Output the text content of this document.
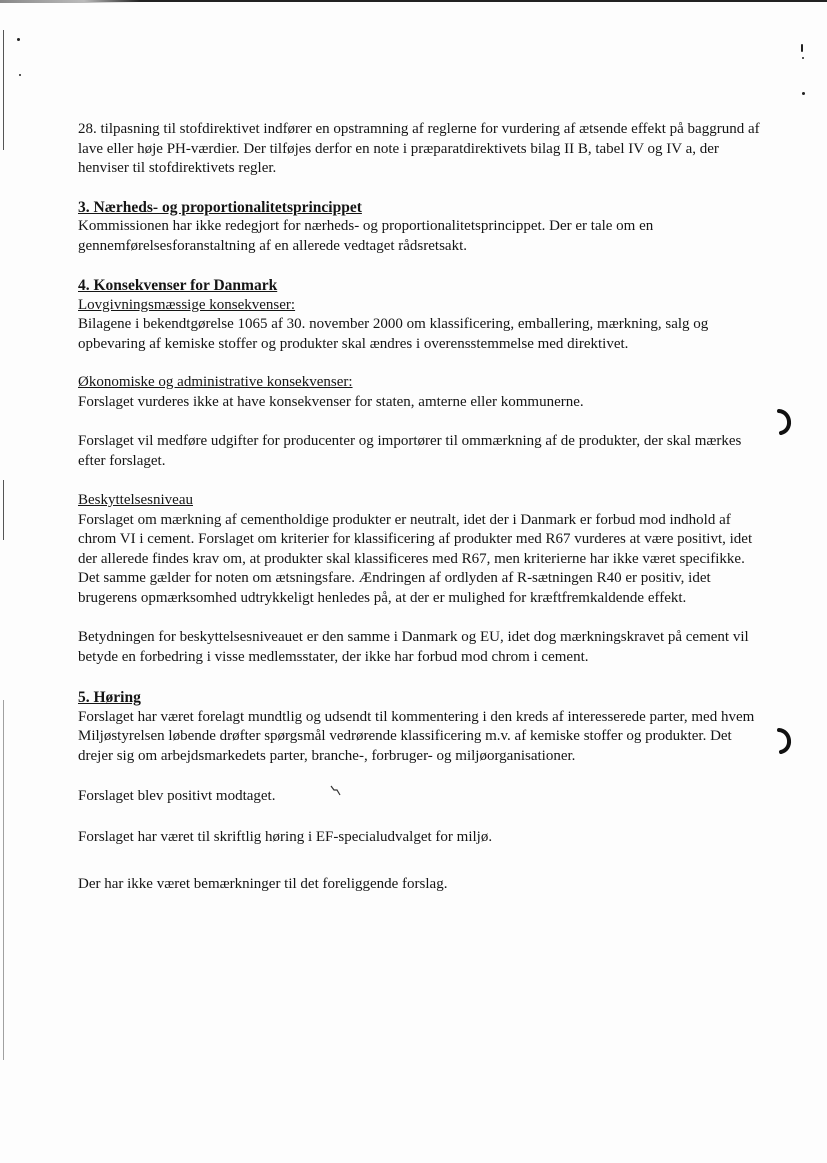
28. tilpasning til stofdirektivet indfører en opstramning af reglerne for vurdering af ætsende effekt på baggrund af lave eller høje PH-værdier. Der tilføjes derfor en note i præparatdirektivets bilag II B, tabel IV og IV a, der henviser til stofdirektivets regler.

3. Nærheds- og proportionalitetsprincippet

Kommissionen har ikke redegjort for nærheds- og proportionalitetsprincippet. Der er tale om en gennemførelsesforanstaltning af en allerede vedtaget rådsretsakt.

4. Konsekvenser for Danmark

Lovgivningsmæssige konsekvenser:

Bilagene i bekendtgørelse 1065 af 30. november 2000 om klassificering, emballering, mærkning, salg og opbevaring af kemiske stoffer og produkter skal ændres i overensstemmelse med direktivet.

Økonomiske og administrative konsekvenser:

Forslaget vurderes ikke at have konsekvenser for staten, amterne eller kommunerne.

Forslaget vil medføre udgifter for producenter og importører til ommærkning af de produkter, der skal mærkes efter forslaget.

Beskyttelsesniveau

Forslaget om mærkning af cementholdige produkter er neutralt, idet der i Danmark er forbud mod indhold af chrom VI i cement. Forslaget om kriterier for klassificering af produkter med R67 vurderes at være positivt, idet der allerede findes krav om, at produkter skal klassificeres med R67, men kriterierne har ikke været specifikke. Det samme gælder for noten om ætsningsfare. Ændringen af ordlyden af R-sætningen R40 er positiv, idet brugerens opmærksomhed udtrykkeligt henledes på, at der er mulighed for kræftfremkaldende effekt.

Betydningen for beskyttelsesniveauet er den samme i Danmark og EU, idet dog mærkningskravet på cement vil betyde en forbedring i visse medlemsstater, der ikke har forbud mod chrom i cement.

5. Høring

Forslaget har været forelagt mundtlig og udsendt til kommentering i den kreds af interesserede parter, med hvem Miljøstyrelsen løbende drøfter spørgsmål vedrørende klassificering m.v. af kemiske stoffer og produkter. Det drejer sig om arbejdsmarkedets parter, branche-, forbruger- og miljøorganisationer.

Forslaget blev positivt modtaget.

Forslaget har været til skriftlig høring i EF-specialudvalget for miljø.

Der har ikke været bemærkninger til det foreliggende forslag.
